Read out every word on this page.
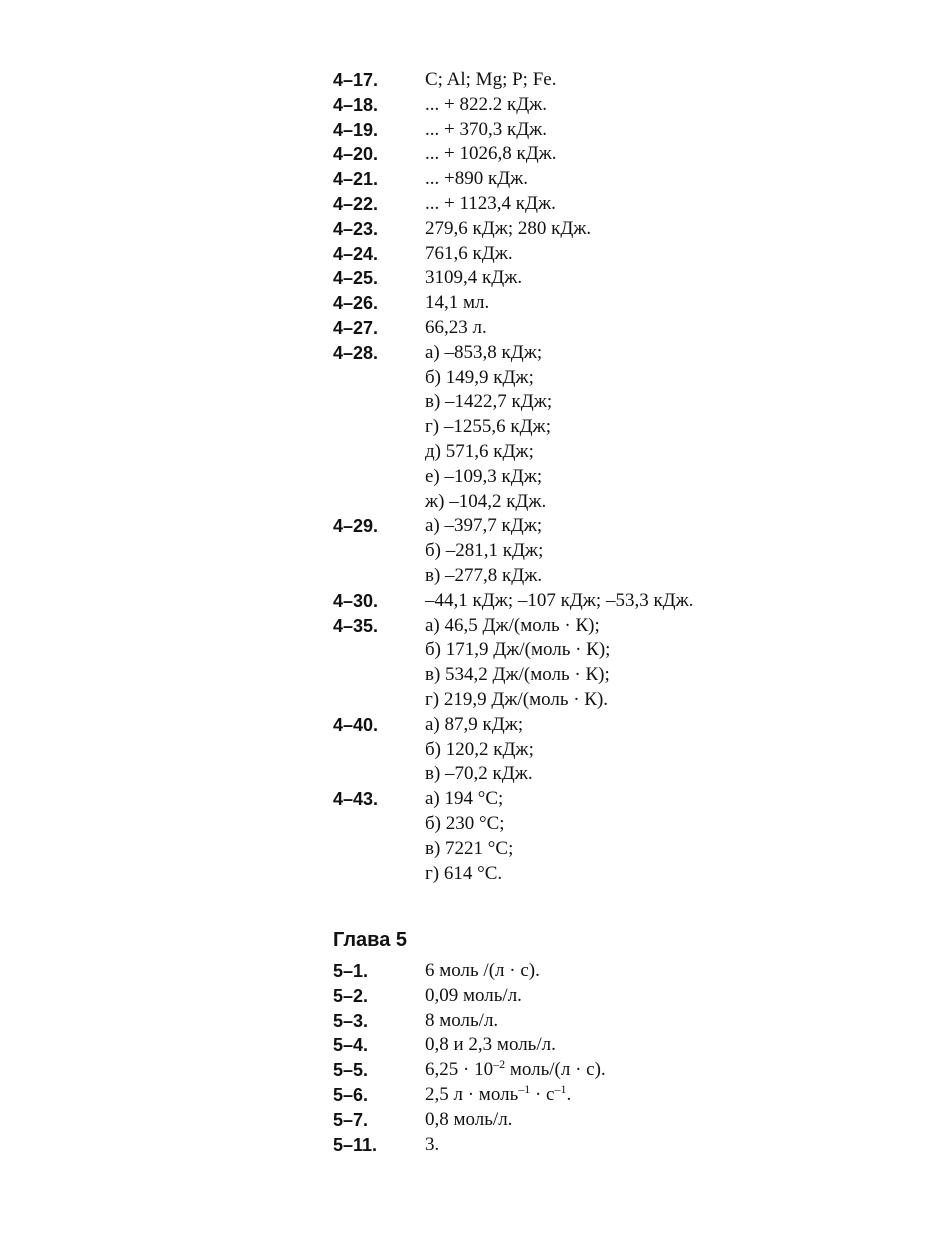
4–17. C; Al; Mg; P; Fe.
4–18. ... + 822.2 кДж.
4–19. ... + 370,3 кДж.
4–20. ... + 1026,8 кДж.
4–21. ... +890 кДж.
4–22. ... + 1123,4 кДж.
4–23. 279,6 кДж; 280 кДж.
4–24. 761,6 кДж.
4–25. 3109,4 кДж.
4–26. 14,1 мл.
4–27. 66,23 л.
4–28. а) –853,8 кДж;
б) 149,9 кДж;
в) –1422,7 кДж;
г) –1255,6 кДж;
д) 571,6 кДж;
е) –109,3 кДж;
ж) –104,2 кДж.
4–29. а) –397,7 кДж;
б) –281,1 кДж;
в) –277,8 кДж.
4–30. –44,1 кДж; –107 кДж; –53,3 кДж.
4–35. а) 46,5 Дж/(моль · К);
б) 171,9 Дж/(моль · К);
в) 534,2 Дж/(моль · К);
г) 219,9 Дж/(моль · К).
4–40. а) 87,9 кДж;
б) 120,2 кДж;
в) –70,2 кДж.
4–43. а) 194 °С;
б) 230 °С;
в) 7221 °С;
г) 614 °С.
Глава 5
5–1.	6 моль /(л · с).
5–2.	0,09 моль/л.
5–3.	8 моль/л.
5–4.	0,8 и 2,3 моль/л.
5–5.	$6,25 \cdot 10^{-2}$ моль/(л · с).
5–6.	2,5 л · моль$^{-1}$ · $с^{-1}$.
5–7.	0,8 моль/л.
5–11.	3.
